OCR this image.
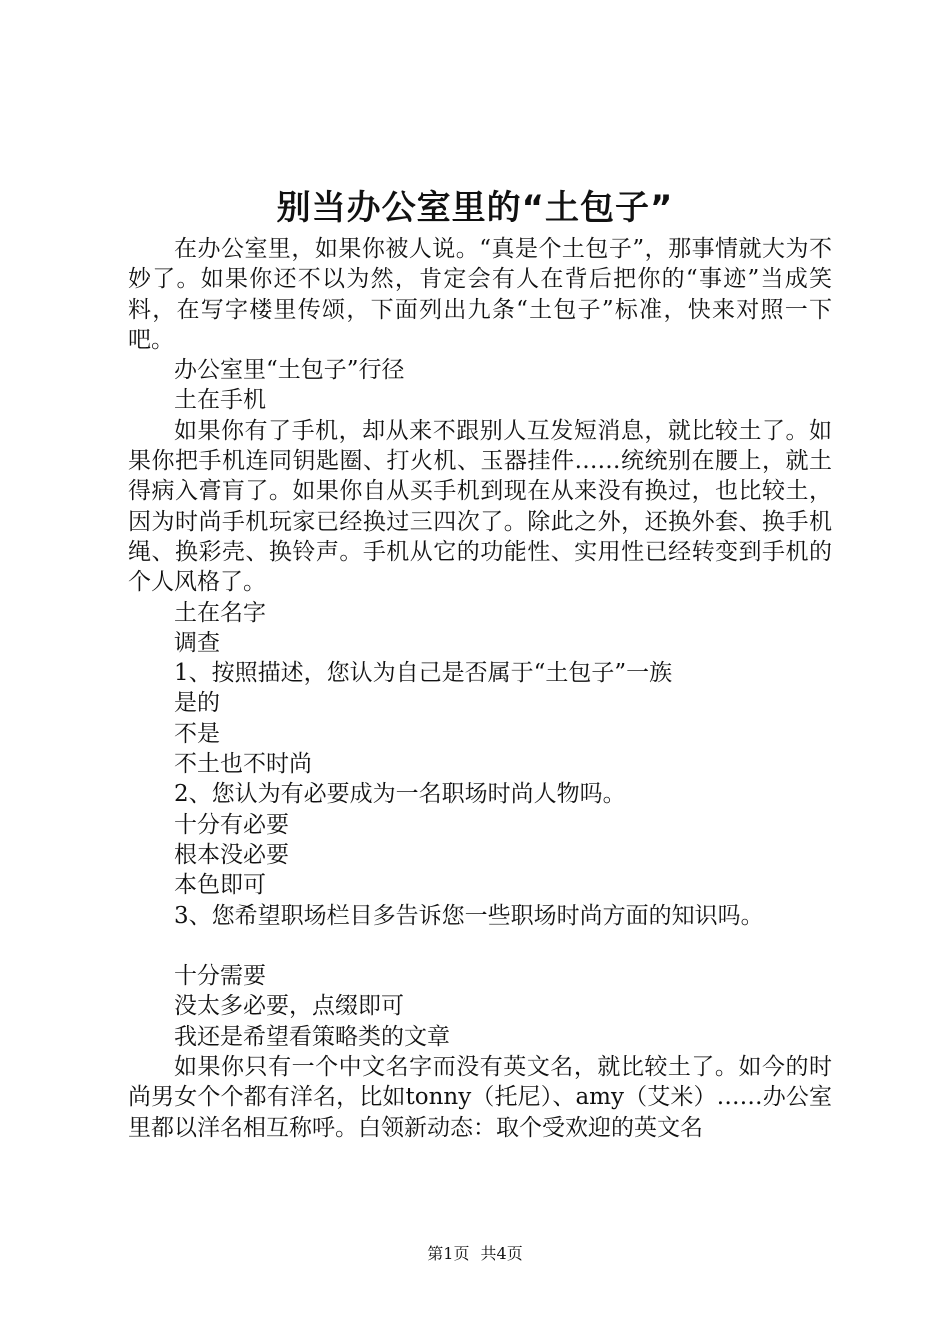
别当办公室里的“土包子”

在办公室里，如果你被人说。“真是个土包子”，那事情就大为不妙了。如果你还不以为然，肯定会有人在背后把你的“事迹”当成笑料，在写字楼里传颂，下面列出九条“土包子”标准，快来对照一下吧。

办公室里“土包子”行径

土在手机

如果你有了手机，却从来不跟别人互发短消息，就比较土了。如果你把手机连同钥匙圈、打火机、玉器挂件……统统别在腰上，就土得病入膏肓了。如果你自从买手机到现在从来没有换过，也比较土，因为时尚手机玩家已经换过三四次了。除此之外，还换外套、换手机绳、换彩壳、换铃声。手机从它的功能性、实用性已经转变到手机的个人风格了。

土在名字

调查

1、按照描述，您认为自己是否属于“土包子”一族

是的

不是

不土也不时尚

2、您认为有必要成为一名职场时尚人物吗。

十分有必要

根本没必要

本色即可

3、您希望职场栏目多告诉您一些职场时尚方面的知识吗。

十分需要

没太多必要，点缀即可

我还是希望看策略类的文章

如果你只有一个中文名字而没有英文名，就比较土了。如今的时尚男女个个都有洋名，比如tonny（托尼）、amy（艾米）……办公室里都以洋名相互称呼。白领新动态：取个受欢迎的英文名

第1页 共4页
